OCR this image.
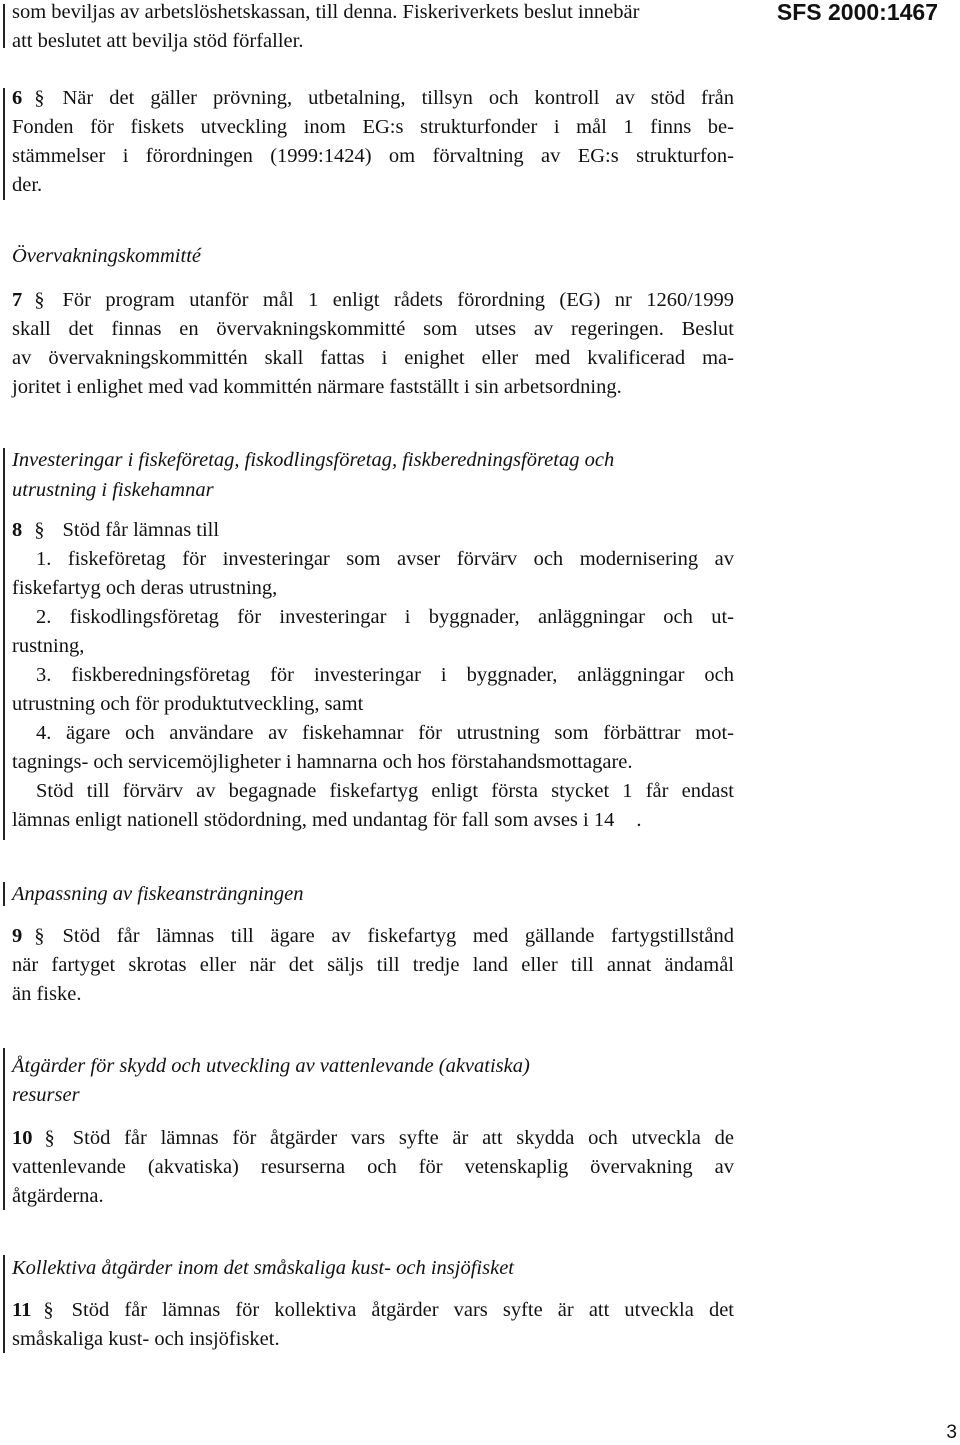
SFS 2000:1467
som beviljas av arbetslöshetskassan, till denna. Fiskeriverkets beslut innebär
att beslutet att bevilja stöd förfaller.
6 § När det gäller prövning, utbetalning, tillsyn och kontroll av stöd från
Fonden för fiskets utveckling inom EG:s strukturfonder i mål 1 finns be-
stämmelser i förordningen (1999:1424) om förvaltning av EG:s strukturfon-
der.
Övervakningskommitté
7 § För program utanför mål 1 enligt rådets förordning (EG) nr 1260/1999
skall det finnas en övervakningskommitté som utses av regeringen. Beslut
av övervakningskommittén skall fattas i enighet eller med kvalificerad ma-
joritet i enlighet med vad kommittén närmare fastställt i sin arbetsordning.
Investeringar i fiskeföretag, fiskodlingsföretag, fiskberedningsföretag och
utrustning i fiskehamnar
8 § Stöd får lämnas till
1. fiskeföretag för investeringar som avser förvärv och modernisering av
fiskefartyg och deras utrustning,
2. fiskodlingsföretag för investeringar i byggnader, anläggningar och ut-
rustning,
3. fiskberedningsföretag för investeringar i byggnader, anläggningar och
utrustning och för produktutveckling, samt
4. ägare och användare av fiskehamnar för utrustning som förbättrar mot-
tagnings- och servicemöjligheter i hamnarna och hos förstahandsmottagare.
Stöd till förvärv av begagnade fiskefartyg enligt första stycket 1 får endast
lämnas enligt nationell stödordning, med undantag för fall som avses i 14 .
Anpassning av fiskeansträngningen
9 § Stöd får lämnas till ägare av fiskefartyg med gällande fartygstillstånd
när fartyget skrotas eller när det säljs till tredje land eller till annat ändamål
än fiske.
Åtgärder för skydd och utveckling av vattenlevande (akvatiska)
resurser
10 § Stöd får lämnas för åtgärder vars syfte är att skydda och utveckla de
vattenlevande (akvatiska) resurserna och för vetenskaplig övervakning av
åtgärderna.
Kollektiva åtgärder inom det småskaliga kust- och insjöfisket
11 § Stöd får lämnas för kollektiva åtgärder vars syfte är att utveckla det
småskaliga kust- och insjöfisket.
3
